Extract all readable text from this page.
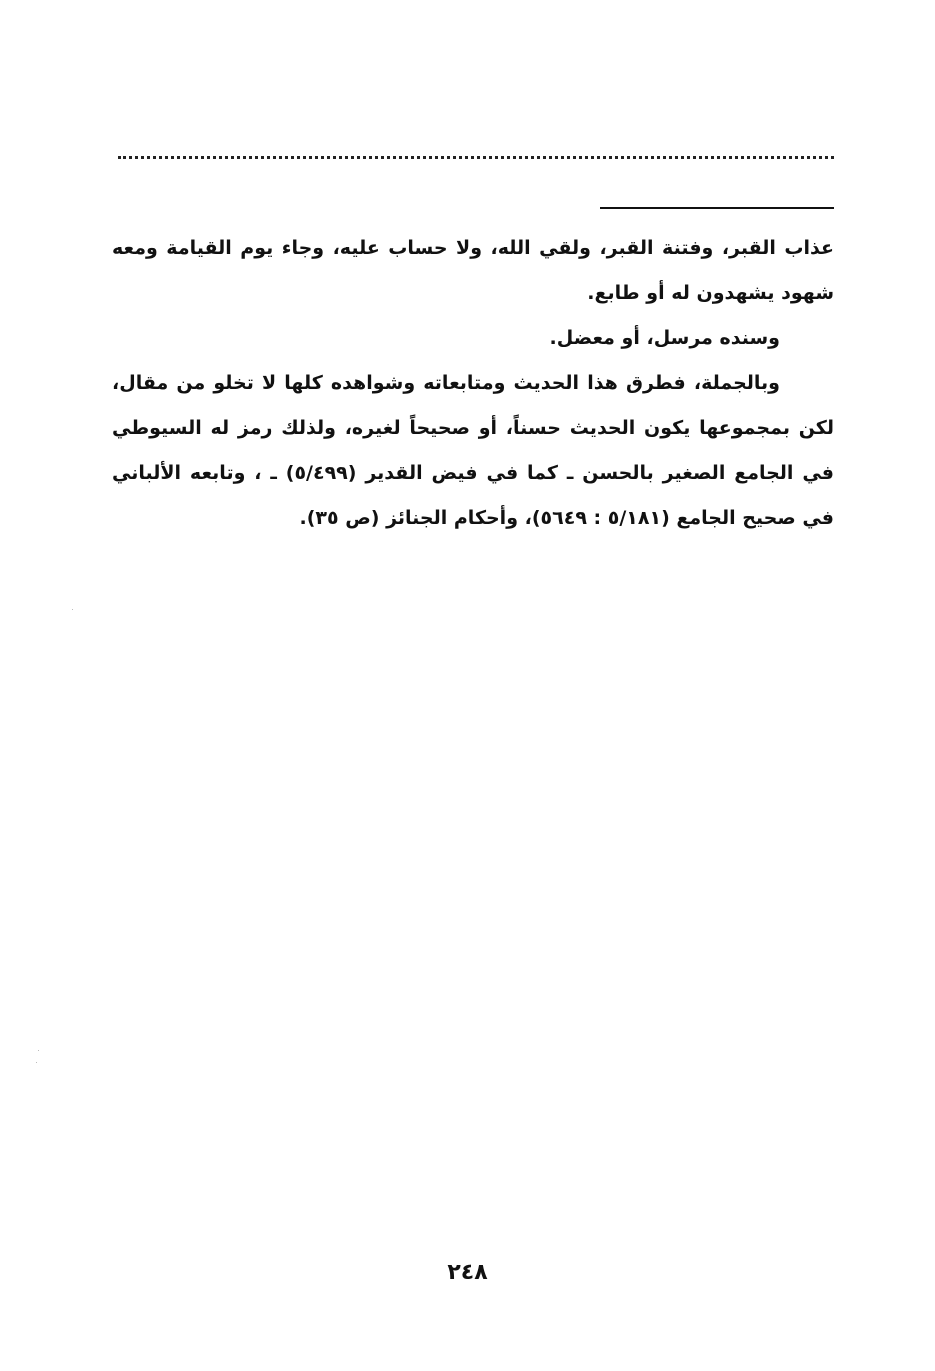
عذاب القبر، وفتنة القبر، ولقي الله، ولا حساب عليه، وجاء يوم القيامة ومعه شهود يشهدون له أو طابع.

وسنده مرسل، أو معضل.

وبالجملة، فطرق هذا الحديث ومتابعاته وشواهده كلها لا تخلو من مقال، لكن بمجموعها يكون الحديث حسناً، أو صحيحاً لغيره، ولذلك رمز له السيوطي في الجامع الصغير بالحسن ـ كما في فيض القدير (٥/٤٩٩) ـ ، وتابعه الألباني في صحيح الجامع (٥/١٨١ : ٥٦٤٩)، وأحكام الجنائز (ص ٣٥).

٢٤٨
